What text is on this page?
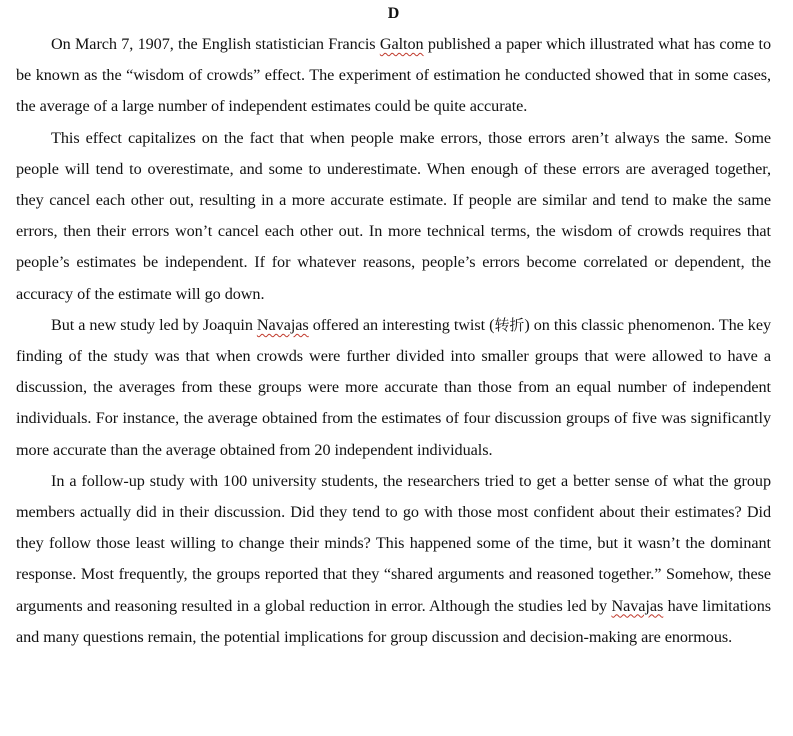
D

On March 7, 1907, the English statistician Francis Galton published a paper which illustrated what has come to be known as the “wisdom of crowds” effect. The experiment of estimation he conducted showed that in some cases, the average of a large number of independent estimates could be quite accurate.

This effect capitalizes on the fact that when people make errors, those errors aren’t always the same. Some people will tend to overestimate, and some to underestimate. When enough of these errors are averaged together, they cancel each other out, resulting in a more accurate estimate. If people are similar and tend to make the same errors, then their errors won’t cancel each other out. In more technical terms, the wisdom of crowds requires that people’s estimates be independent. If for whatever reasons, people’s errors become correlated or dependent, the accuracy of the estimate will go down.

But a new study led by Joaquin Navajas offered an interesting twist (转折) on this classic phenomenon. The key finding of the study was that when crowds were further divided into smaller groups that were allowed to have a discussion, the averages from these groups were more accurate than those from an equal number of independent individuals. For instance, the average obtained from the estimates of four discussion groups of five was significantly more accurate than the average obtained from 20 independent individuals.

In a follow-up study with 100 university students, the researchers tried to get a better sense of what the group members actually did in their discussion. Did they tend to go with those most confident about their estimates? Did they follow those least willing to change their minds? This happened some of the time, but it wasn’t the dominant response. Most frequently, the groups reported that they “shared arguments and reasoned together.” Somehow, these arguments and reasoning resulted in a global reduction in error. Although the studies led by Navajas have limitations and many questions remain, the potential implications for group discussion and decision-making are enormous.
